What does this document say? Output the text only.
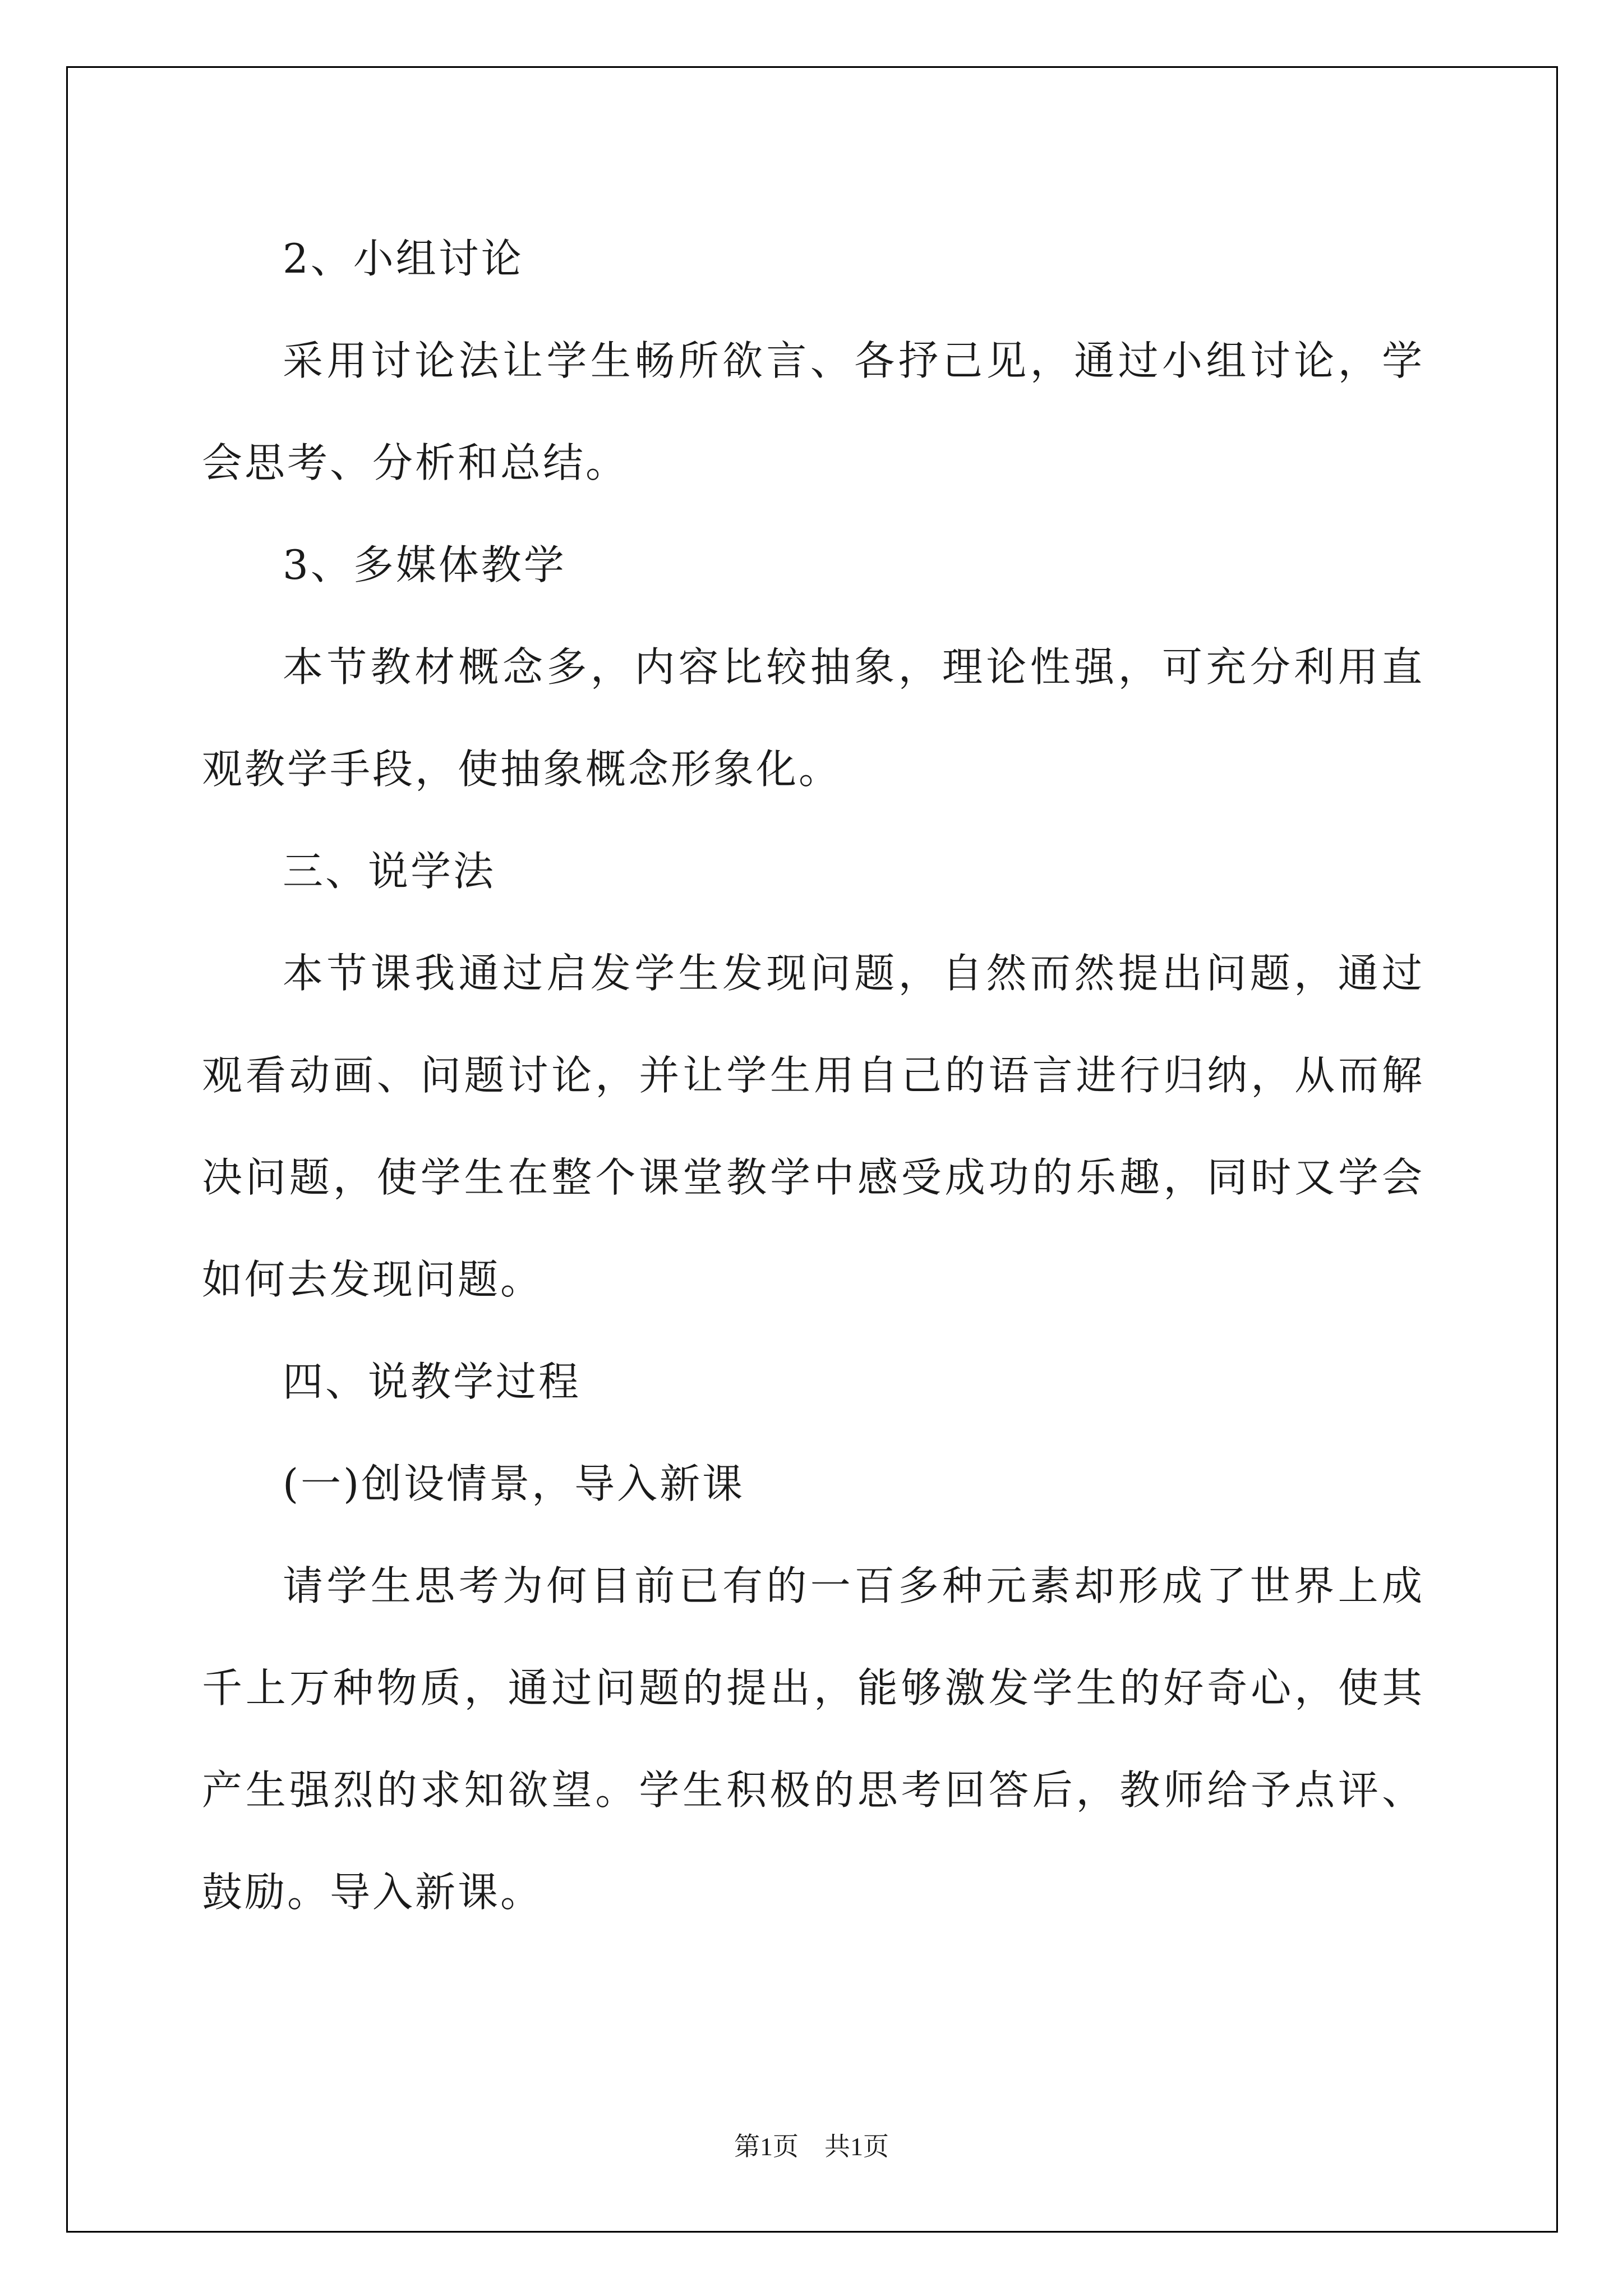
2、小组讨论

采用讨论法让学生畅所欲言、各抒己见，通过小组讨论，学会思考、分析和总结。

3、多媒体教学

本节教材概念多，内容比较抽象，理论性强，可充分利用直观教学手段，使抽象概念形象化。

三、说学法

本节课我通过启发学生发现问题，自然而然提出问题，通过观看动画、问题讨论，并让学生用自己的语言进行归纳，从而解决问题，使学生在整个课堂教学中感受成功的乐趣，同时又学会如何去发现问题。

四、说教学过程

(一)创设情景，导入新课

请学生思考为何目前已有的一百多种元素却形成了世界上成千上万种物质，通过问题的提出，能够激发学生的好奇心，使其产生强烈的求知欲望。学生积极的思考回答后，教师给予点评、鼓励。导入新课。

第1页　共1页
